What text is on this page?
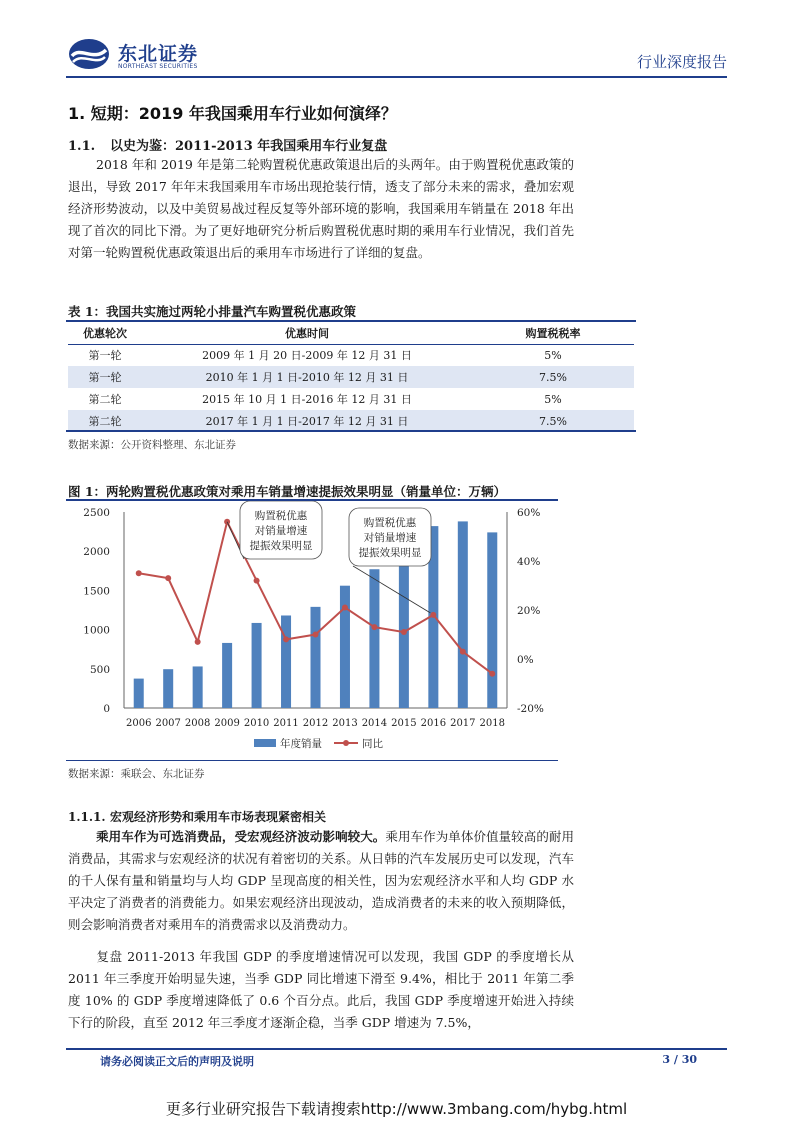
东北证券
NORTHEAST SECURITIES	行业深度报告
1. 短期：2019 年我国乘用车行业如何演绎？
1.1. 以史为鉴：2011-2013 年我国乘用车行业复盘
2018 年和 2019 年是第二轮购置税优惠政策退出后的头两年。由于购置税优惠政策的退出，导致 2017 年年末我国乘用车市场出现抢装行情，透支了部分未来的需求，叠加宏观经济形势波动，以及中美贸易战过程反复等外部环境的影响，我国乘用车销量在 2018 年出现了首次的同比下滑。为了更好地研究分析后购置税优惠时期的乘用车行业情况，我们首先对第一轮购置税优惠政策退出后的乘用车市场进行了详细的复盘。
表 1：我国共实施过两轮小排量汽车购置税优惠政策
优惠轮次	优惠时间	购置税税率
第一轮	2009 年 1 月 20 日-2009 年 12 月 31 日	5%
第一轮	2010 年 1 月 1 日-2010 年 12 月 31 日	7.5%
第二轮	2015 年 10 月 1 日-2016 年 12 月 31 日	5%
第二轮	2017 年 1 月 1 日-2017 年 12 月 31 日	7.5%
数据来源：公开资料整理、东北证券
图 1：两轮购置税优惠政策对乘用车销量增速提振效果明显（销量单位：万辆）
0
500
1000
1500
2000
2500
-20%
0%
20%
40%
60%
2006 2007 2008 2009 2010 2011 2012 2013 2014 2015 2016 2017 2018
购置税优惠
对销量增速
提振效果明显
购置税优惠
对销量增速
提振效果明显
年度销量	同比
数据来源：乘联会、东北证券
1.1.1. 宏观经济形势和乘用车市场表现紧密相关
乘用车作为可选消费品，受宏观经济波动影响较大。乘用车作为单体价值量较高的耐用消费品，其需求与宏观经济的状况有着密切的关系。从日韩的汽车发展历史可以发现，汽车的千人保有量和销量均与人均 GDP 呈现高度的相关性，因为宏观经济水平和人均 GDP 水平决定了消费者的消费能力。如果宏观经济出现波动，造成消费者的未来的收入预期降低，则会影响消费者对乘用车的消费需求以及消费动力。
复盘 2011-2013 年我国 GDP 的季度增速情况可以发现，我国 GDP 的季度增长从 2011 年三季度开始明显失速，当季 GDP 同比增速下滑至 9.4%，相比于 2011 年第二季度 10% 的 GDP 季度增速降低了 0.6 个百分点。此后，我国 GDP 季度增速开始进入持续下行的阶段，直至 2012 年三季度才逐渐企稳，当季 GDP 增速为 7.5%，
请务必阅读正文后的声明及说明	3 / 30
更多行业研究报告下载请搜索http://www.3mbang.com/hybg.html
